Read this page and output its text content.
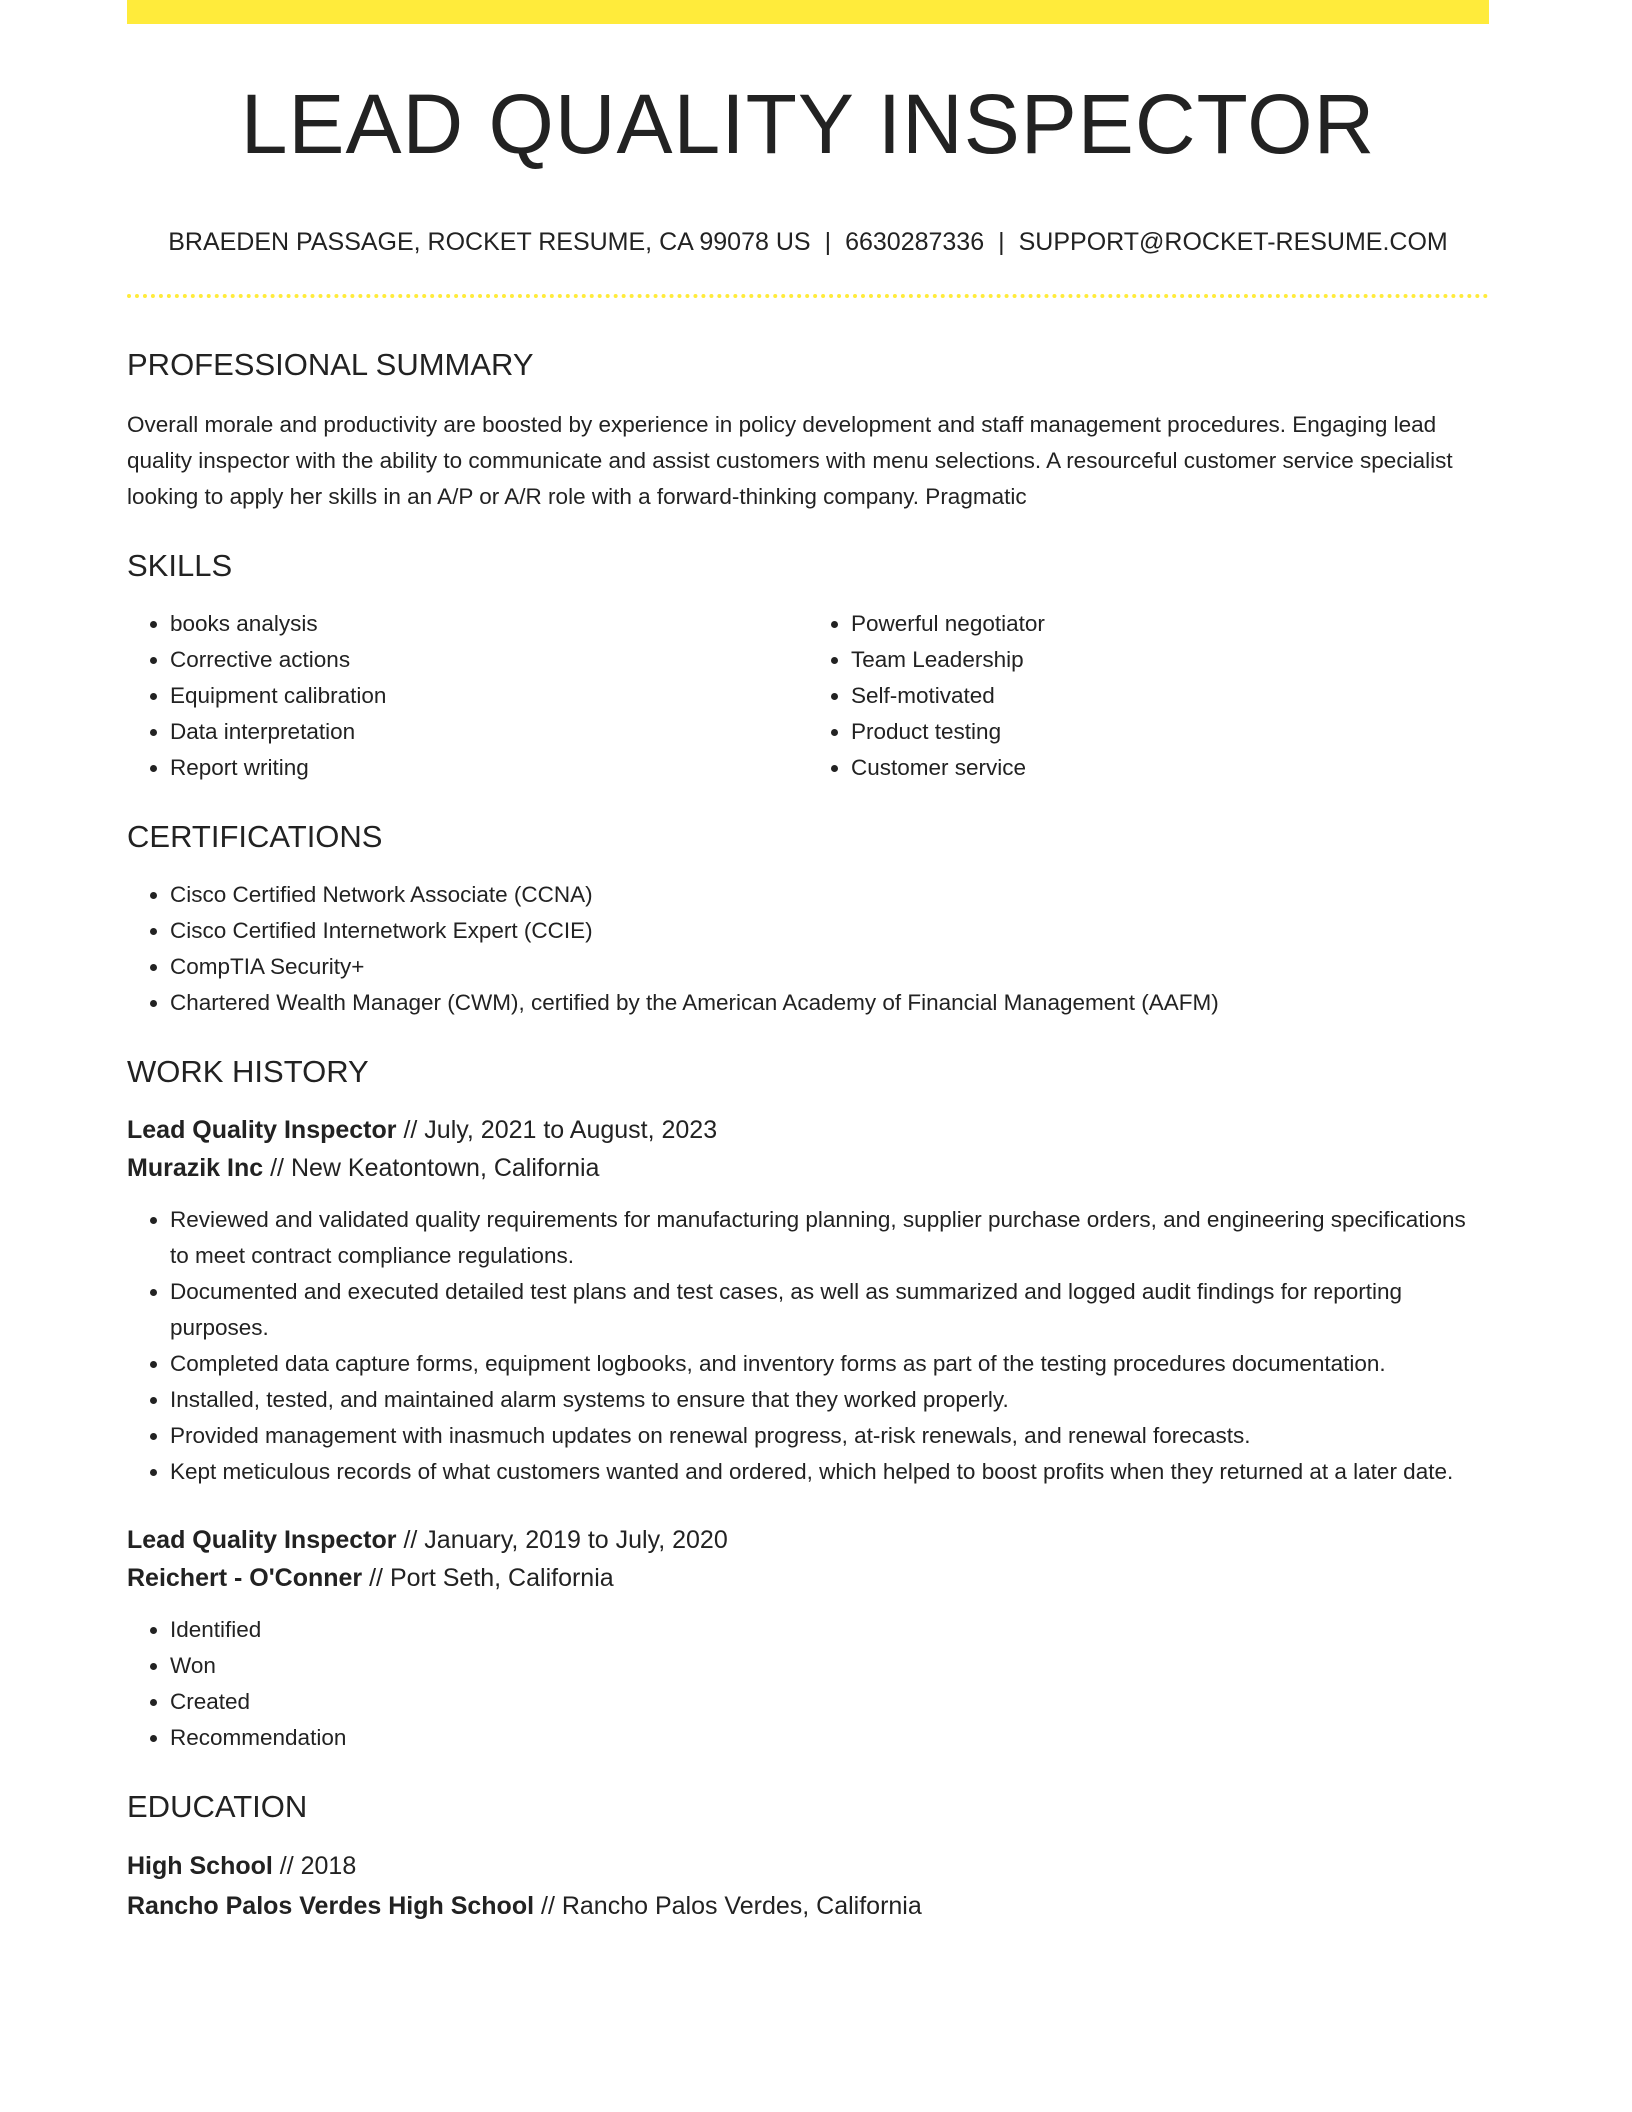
LEAD QUALITY INSPECTOR
BRAEDEN PASSAGE, ROCKET RESUME, CA 99078 US | 6630287336 | SUPPORT@ROCKET-RESUME.COM
PROFESSIONAL SUMMARY

Overall morale and productivity are boosted by experience in policy development and staff management procedures. Engaging lead quality inspector with the ability to communicate and assist customers with menu selections. A resourceful customer service specialist looking to apply her skills in an A/P or A/R role with a forward-thinking company. Pragmatic

SKILLS
• books analysis
• Corrective actions
• Equipment calibration
• Data interpretation
• Report writing
• Powerful negotiator
• Team Leadership
• Self-motivated
• Product testing
• Customer service
CERTIFICATIONS
• Cisco Certified Network Associate (CCNA)
• Cisco Certified Internetwork Expert (CCIE)
• CompTIA Security+
• Chartered Wealth Manager (CWM), certified by the American Academy of Financial Management (AAFM)
WORK HISTORY
Lead Quality Inspector // July, 2021 to August, 2023
Murazik Inc // New Keatontown, California
• Reviewed and validated quality requirements for manufacturing planning, supplier purchase orders, and engineering specifications to meet contract compliance regulations.
• Documented and executed detailed test plans and test cases, as well as summarized and logged audit findings for reporting purposes.
• Completed data capture forms, equipment logbooks, and inventory forms as part of the testing procedures documentation.
• Installed, tested, and maintained alarm systems to ensure that they worked properly.
• Provided management with inasmuch updates on renewal progress, at-risk renewals, and renewal forecasts.
• Kept meticulous records of what customers wanted and ordered, which helped to boost profits when they returned at a later date.
Lead Quality Inspector // January, 2019 to July, 2020
Reichert - O'Conner // Port Seth, California
• Identified
• Won
• Created
• Recommendation
EDUCATION
High School // 2018
Rancho Palos Verdes High School // Rancho Palos Verdes, California
